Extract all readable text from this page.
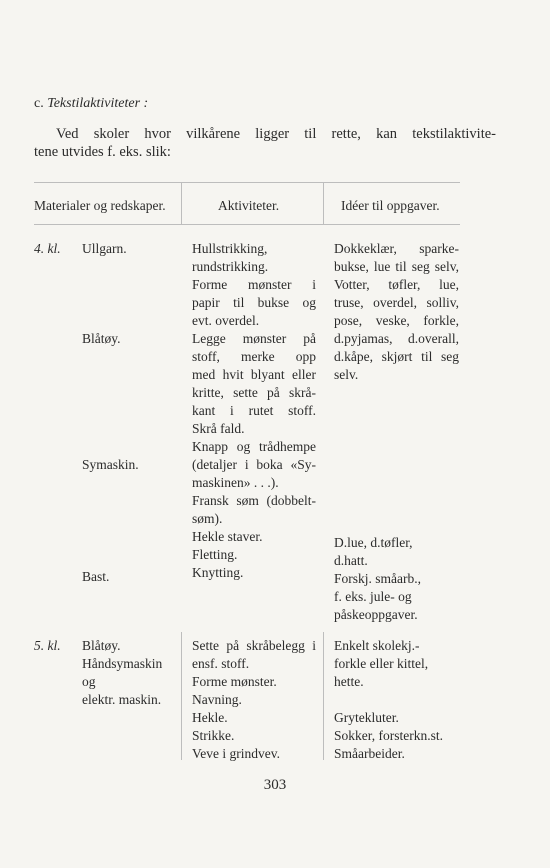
c. Tekstilaktiviteter :
Ved skoler hvor vilkårene ligger til rette, kan tekstilaktivite-
tene utvides f. eks. slik:
Materialer og redskaper.	Aktiviteter.	Idéer til oppgaver.
4. kl. Ullgarn.
Blåtøy.
Symaskin.
Bast.
Hullstrikking,
rundstrikking.
Forme mønster i
papir til bukse og
evt. overdel.
Legge mønster på
stoff, merke opp
med hvit blyant eller
kritte, sette på skrå-
kant i rutet stoff.
Skrå fald.
Knapp og trådhempe
(detaljer i boka «Sy-
maskinen» . . .).
Fransk søm (dobbelt-
søm).
Hekle staver.
Fletting.
Knytting.
Dokkeklær, sparke-
bukse, lue til seg selv,
Votter, tøfler, lue,
truse, overdel, solliv,
pose, veske, forkle,
d.pyjamas, d.overall,
d.kåpe, skjørt til seg
selv.
D.lue, d.tøfler,
d.hatt.
Forskj. småarb.,
f. eks. jule- og
påskeoppgaver.
5. kl. Blåtøy.
Håndsymaskin
og
elektr. maskin.
Sette på skråbelegg i
ensf. stoff.
Forme mønster.
Navning.
Hekle.
Strikke.
Veve i grindvev.
Enkelt skolekj.-
forkle eller kittel,
hette.
Grytekluter.
Sokker, forsterkn.st.
Småarbeider.
303
